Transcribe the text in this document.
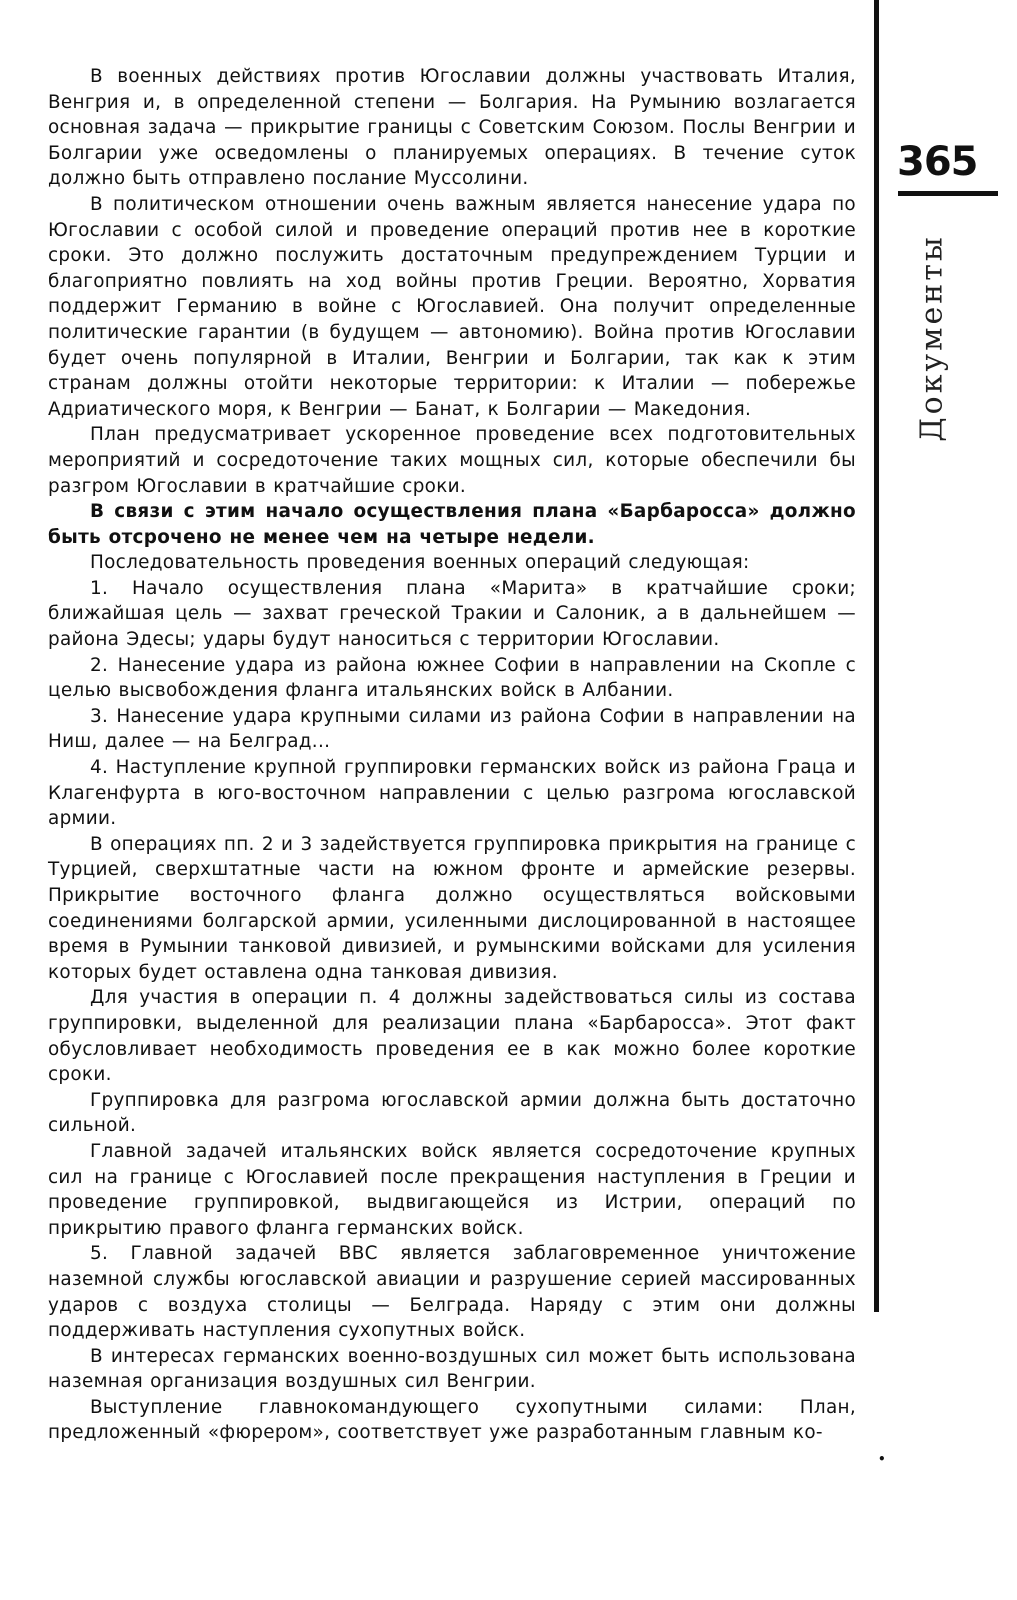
365
Документы
•

В военных действиях против Югославии должны участвовать Италия, Венгрия и, в определенной степени — Болгария. На Румынию возлагается основная задача — прикрытие границы с Советским Союзом. Послы Венгрии и Болгарии уже осведомлены о планируемых операциях. В течение суток должно быть отправлено послание Муссолини.

В политическом отношении очень важным является нанесение удара по Югославии с особой силой и проведение операций против нее в короткие сроки. Это должно послужить достаточным предупреждением Турции и благоприятно повлиять на ход войны против Греции. Вероятно, Хорватия поддержит Германию в войне с Югославией. Она получит определенные политические гарантии (в будущем — автономию). Война против Югославии будет очень популярной в Италии, Венгрии и Болгарии, так как к этим странам должны отойти некоторые территории: к Италии — побережье Адриатического моря, к Венгрии — Банат, к Болгарии — Македония.

План предусматривает ускоренное проведение всех подготовительных мероприятий и сосредоточение таких мощных сил, которые обеспечили бы разгром Югославии в кратчайшие сроки.

В связи с этим начало осуществления плана «Барбаросса» должно быть отсрочено не менее чем на четыре недели.

Последовательность проведения военных операций следующая:

1. Начало осуществления плана «Марита» в кратчайшие сроки; ближайшая цель — захват греческой Тракии и Салоник, а в дальнейшем — района Эдесы; удары будут наноситься с территории Югославии.

2. Нанесение удара из района южнее Софии в направлении на Скопле с целью высвобождения фланга итальянских войск в Албании.

3. Нанесение удара крупными силами из района Софии в направлении на Ниш, далее — на Белград...

4. Наступление крупной группировки германских войск из района Граца и Клагенфурта в юго-восточном направлении с целью разгрома югославской армии.

В операциях пп. 2 и 3 задействуется группировка прикрытия на границе с Турцией, сверхштатные части на южном фронте и армейские резервы. Прикрытие восточного фланга должно осуществляться войсковыми соединениями болгарской армии, усиленными дислоцированной в настоящее время в Румынии танковой дивизией, и румынскими войсками для усиления которых будет оставлена одна танковая дивизия.

Для участия в операции п. 4 должны задействоваться силы из состава группировки, выделенной для реализации плана «Барбаросса». Этот факт обусловливает необходимость проведения ее в как можно более короткие сроки.

Группировка для разгрома югославской армии должна быть достаточно сильной.

Главной задачей итальянских войск является сосредоточение крупных сил на границе с Югославией после прекращения наступления в Греции и проведение группировкой, выдвигающейся из Истрии, операций по прикрытию правого фланга германских войск.

5. Главной задачей ВВС является заблаговременное уничтожение наземной службы югославской авиации и разрушение серией массированных ударов с воздуха столицы — Белграда. Наряду с этим они должны поддерживать наступления сухопутных войск.

В интересах германских военно-воздушных сил может быть использована наземная организация воздушных сил Венгрии.

Выступление главнокомандующего сухопутными силами: План, предложенный «фюрером», соответствует уже разработанным главным ко-
